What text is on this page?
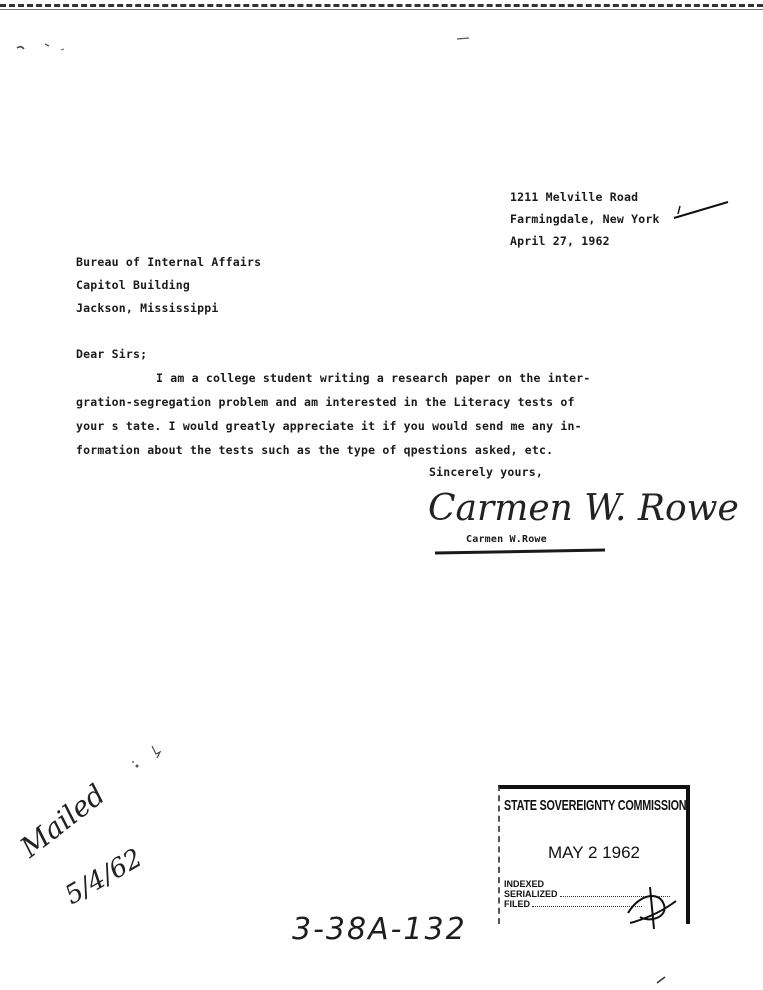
1211 Melville Road
Farmingdale, New York
April 27, 1962
Bureau of Internal Affairs
Capitol Building
Jackson, Mississippi
Dear Sirs;
I am a college student writing a research paper on the inter-
gration-segregation problem and am interested in the Literacy tests of
your s tate. I would greatly appreciate it if you would send me any in-
formation about the tests such as the type of qpestions asked, etc.
Sincerely yours,
Carmen W. Rowe
Carmen W.Rowe
Mailed
5/4/62
3-38A-132
STATE SOVEREIGNTY COMMISSION
MAY 2 1962
INDEXED
SERIALIZED
FILED
